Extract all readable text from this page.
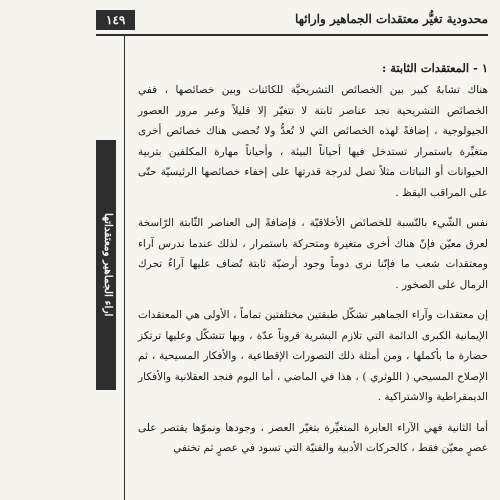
١٤٩	محدودية تغيُّر معتقدات الجماهير وارائها
اراء الجماهير ومعتقداتها

١ - المعتقدات الثابتة :

هناك تشابهٌ كبير بين الخصائص التشريحيَّة للكائنات وبين خصائصها ، ففي الخصائص التشريحية نجد عناصر ثابتة لا تتغيّر إلا قليلاً وعبر مرور العصور الجيولوجية ، إضافةً لهذه الخصائص التي لا تُعدُّ ولا تُحصى هناك خصائص أخرى متغيِّرة باستمرار تستدخل فيها أحياناً البيئة ، وأحياناً مهارة المكلفين بتربية الحيوانات أو النباتات مثلاً تصل لدرجة قدرتها على إخفاء خصائصها الرئيسيّة حتّى على المراقب اليقظ .

نفس الشّيء بالنّسبة للخصائص الأخلاقيّة ، فإضافةً إلى العناصر الثّابتة الرّاسخة لعرق معيّن فإنّ هناك أخرى متغيرة ومتحركة باستمرار ، لذلك عندما ندرس آراء ومعتقدات شعب ما فإنّنا نرى دوماً وجود أرضيّة ثابتة تُضاف عليها آراءٌ تحرك الرمال على الصخور .

إن معتقدات وآراء الجماهير تشكّل طبقتين مختلفتين تماماً ، الأولى هي المعتقدات الإيمانية الكبرى الدائمة التي تلازم البشرية قروناً عدّة ، وبها تتشكّل وعليها ترتكز حضارة ما بأكملها ، ومن أمثلة ذلك التصورات الإقطاعية ، والأفكار المسيحية ، ثم الإصلاح المسيحي ( اللوثري ) ، هذا في الماضي ، أما اليوم فنجد العقلانية والأفكار الديمقراطية والاشتراكية .

أما الثانية فهي الآراء العابرة المتغيِّرة بتغيّر العصر ، وجودها ونموّها يقتصر على عصرٍ معيّن فقط ، كالحركات الأدبية والفنيّة التي تسود في عصرٍ ثم تختفي
